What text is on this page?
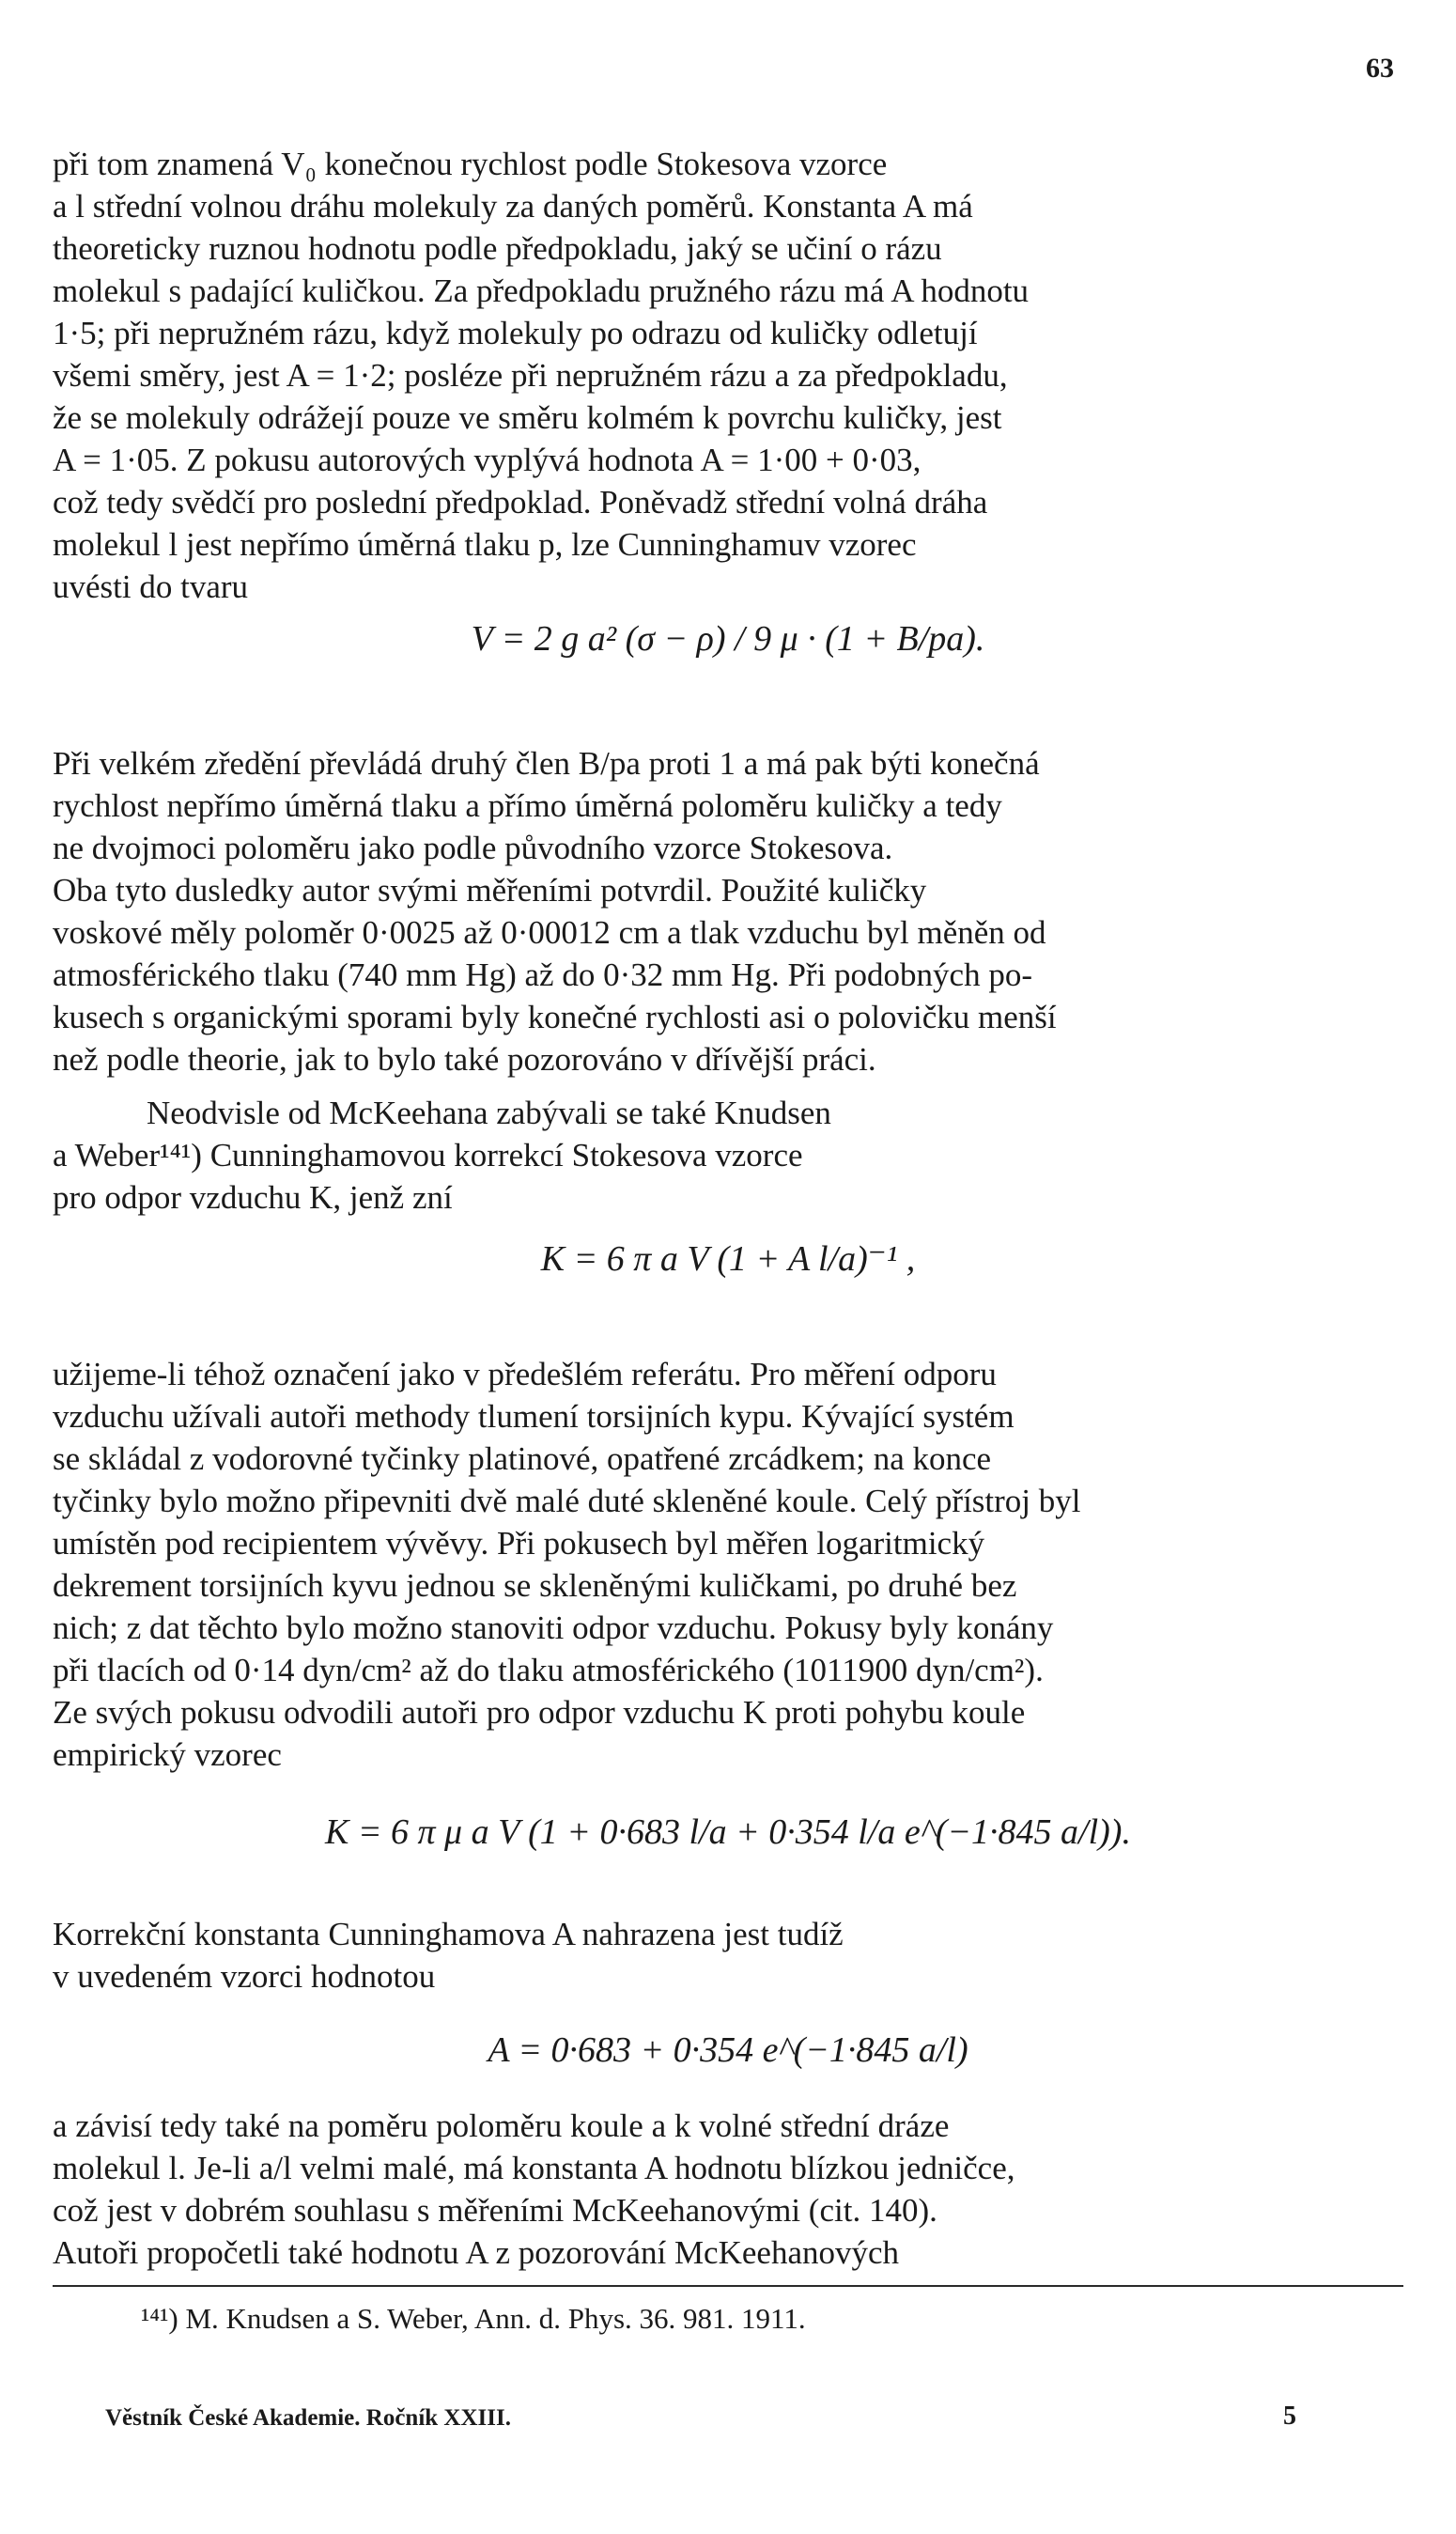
63
při tom znamená V₀ konečnou rychlost podle Stokesova vzorce
a l střední volnou dráhu molekuly za daných poměrů. Konstanta A má
theoreticky ruznou hodnotu podle předpokladu, jaký se učiní o rázu
molekul s padající kuličkou. Za předpokladu pružného rázu má A hodnotu
1·5; při nepružném rázu, když molekuly po odrazu od kuličky odletují
všemi směry, jest A = 1·2; posléze při nepružném rázu a za předpokladu,
že se molekuly odrážejí pouze ve směru kolmém k povrchu kuličky, jest
A = 1·05. Z pokusu autorových vyplývá hodnota A = 1·00 + 0·03,
což tedy svědčí pro poslední předpoklad. Poněvadž střední volná dráha
molekul l jest nepřímo úměrná tlaku p, lze Cunninghamuv vzorec
uvésti do tvaru
V = 2 g a² (σ − ρ) / 9 μ · (1 + B/pa).
Při velkém zředění převládá druhý člen B/pa proti 1 a má pak býti konečná
rychlost nepřímo úměrná tlaku a přímo úměrná poloměru kuličky a tedy
ne dvojmoci poloměru jako podle původního vzorce Stokesova.
Oba tyto dusledky autor svými měřeními potvrdil. Použité kuličky
voskové měly poloměr 0·0025 až 0·00012 cm a tlak vzduchu byl měněn od
atmosférického tlaku (740 mm Hg) až do 0·32 mm Hg. Při podobných po-
kusech s organickými sporami byly konečné rychlosti asi o polovičku menší
než podle theorie, jak to bylo také pozorováno v dřívější práci.
Neodvisle od McKeehana zabývali se také Knudsen
a Weber¹⁴¹) Cunninghamovou korrekcí Stokesova vzorce
pro odpor vzduchu K, jenž zní
K = 6 π a V (1 + A l/a)⁻¹ ,
užijeme-li téhož označení jako v předešlém referátu. Pro měření odporu
vzduchu užívali autoři methody tlumení torsijních kypu. Kývající systém
se skládal z vodorovné tyčinky platinové, opatřené zrcádkem; na konce
tyčinky bylo možno připevniti dvě malé duté skleněné koule. Celý přístroj byl
umístěn pod recipientem vývěvy. Při pokusech byl měřen logaritmický
dekrement torsijních kyvu jednou se skleněnými kuličkami, po druhé bez
nich; z dat těchto bylo možno stanoviti odpor vzduchu. Pokusy byly konány
při tlacích od 0·14 dyn/cm² až do tlaku atmosférického (1011900 dyn/cm²).
Ze svých pokusu odvodili autoři pro odpor vzduchu K proti pohybu koule
empirický vzorec
K = 6 π μ a V (1 + 0·683 l/a + 0·354 l/a e^(−1·845 a/l)).
Korrekční konstanta Cunninghamova A nahrazena jest tudíž
v uvedeném vzorci hodnotou
A = 0·683 + 0·354 e^(−1·845 a/l)
a závisí tedy také na poměru poloměru koule a k volné střední dráze
molekul l. Je-li a/l velmi malé, má konstanta A hodnotu blízkou jedničce,
což jest v dobrém souhlasu s měřeními McKeehanovými (cit. 140).
Autoři propočetli také hodnotu A z pozorování McKeehanových
¹⁴¹) M. Knudsen a S. Weber, Ann. d. Phys. 36. 981. 1911.
Věstník České Akademie. Ročník XXIII.	5
